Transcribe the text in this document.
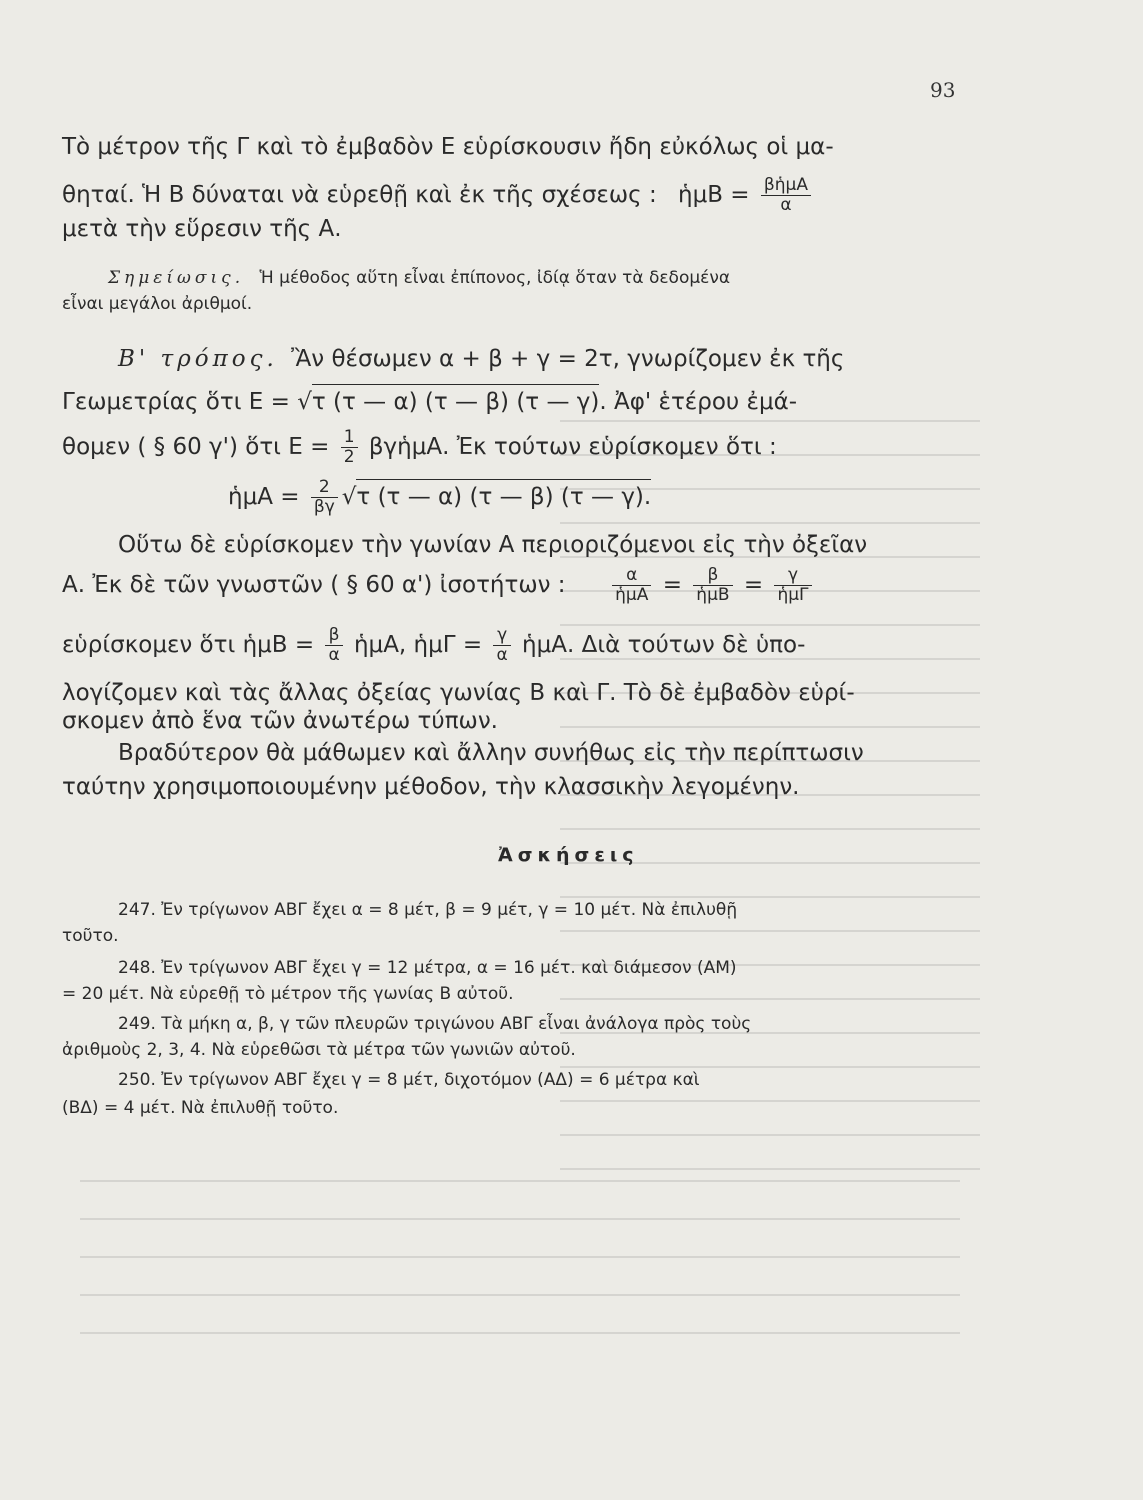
93
Τὸ μέτρον τῆς Γ καὶ τὸ ἐμβαδὸν Ε εὑρίσκουσιν ἤδη εὐκόλως οἱ μα-
θηταί. Ἡ Β δύναται νὰ εὑρεθῇ καὶ ἐκ τῆς σχέσεως : ἡμΒ = $\frac{\text{βἡμΑ}}{\alpha}$
μετὰ τὴν εὕρεσιν τῆς Α.
Σημείωσις. Ἡ μέθοδος αὕτη εἶναι ἐπίπονος, ἰδίᾳ ὅταν τὰ δεδομένα
εἶναι μεγάλοι ἀριθμοί.
Β' τρόπος. Ἂν θέσωμεν α + β + γ = 2τ, γνωρίζομεν ἐκ τῆς
Γεωμετρίας ὅτι Ε = √τ (τ — α) (τ — β) (τ — γ). Ἀφ' ἑτέρου ἐμά-
θομεν ( § 60 γ') ὅτι $E = \frac{1}{2}$ βγἡμΑ. Ἐκ τούτων εὑρίσκομεν ὅτι :
ἡμΑ = $\frac{2}{\beta\gamma} √\tau$ (τ — α) (τ — β) (τ — γ).
Οὕτω δὲ εὑρίσκομεν τὴν γωνίαν Α περιοριζόμενοι εἰς τὴν ὀξεῖαν
Α. Ἐκ δὲ τῶν γνωστῶν ( § 60 α') ἰσοτήτων :	$\frac{\alpha}{\text{ἡμΑ}} = \frac{\beta}{\text{ἡμΒ}} = \frac{\gamma}{\text{ἡμΓ}}$
εὑρίσκομεν ὅτι ἡμΒ = $\frac{\beta}{\alpha}$ ἡμΑ, ἡμΓ = $\frac{\gamma}{\alpha}$ ἡμΑ. Διὰ τούτων δὲ ὑπο-
λογίζομεν καὶ τὰς ἄλλας ὀξείας γωνίας Β καὶ Γ. Τὸ δὲ ἐμβαδὸν εὑρί-
σκομεν ἀπὸ ἕνα τῶν ἀνωτέρω τύπων.
Βραδύτερον θὰ μάθωμεν καὶ ἄλλην συνήθως εἰς τὴν περίπτωσιν
ταύτην χρησιμοποιουμένην μέθοδον, τὴν κλασσικὴν λεγομένην.
Ἀσκήσεις
247. Ἐν τρίγωνον ΑΒΓ ἔχει α = 8 μέτ, β = 9 μέτ, γ = 10 μέτ. Νὰ ἐπιλυθῇ
τοῦτο.
248. Ἐν τρίγωνον ΑΒΓ ἔχει γ = 12 μέτρα, α = 16 μέτ. καὶ διάμεσον (ΑΜ)
= 20 μέτ. Νὰ εὑρεθῇ τὸ μέτρον τῆς γωνίας Β αὐτοῦ.
249. Τὰ μήκη α, β, γ τῶν πλευρῶν τριγώνου ΑΒΓ εἶναι ἀνάλογα πρὸς τοὺς
ἀριθμοὺς 2, 3, 4. Νὰ εὑρεθῶσι τὰ μέτρα τῶν γωνιῶν αὐτοῦ.
250. Ἐν τρίγωνον ΑΒΓ ἔχει γ = 8 μέτ, διχοτόμον (ΑΔ) = 6 μέτρα καὶ
(ΒΔ) = 4 μέτ. Νὰ ἐπιλυθῇ τοῦτο.
